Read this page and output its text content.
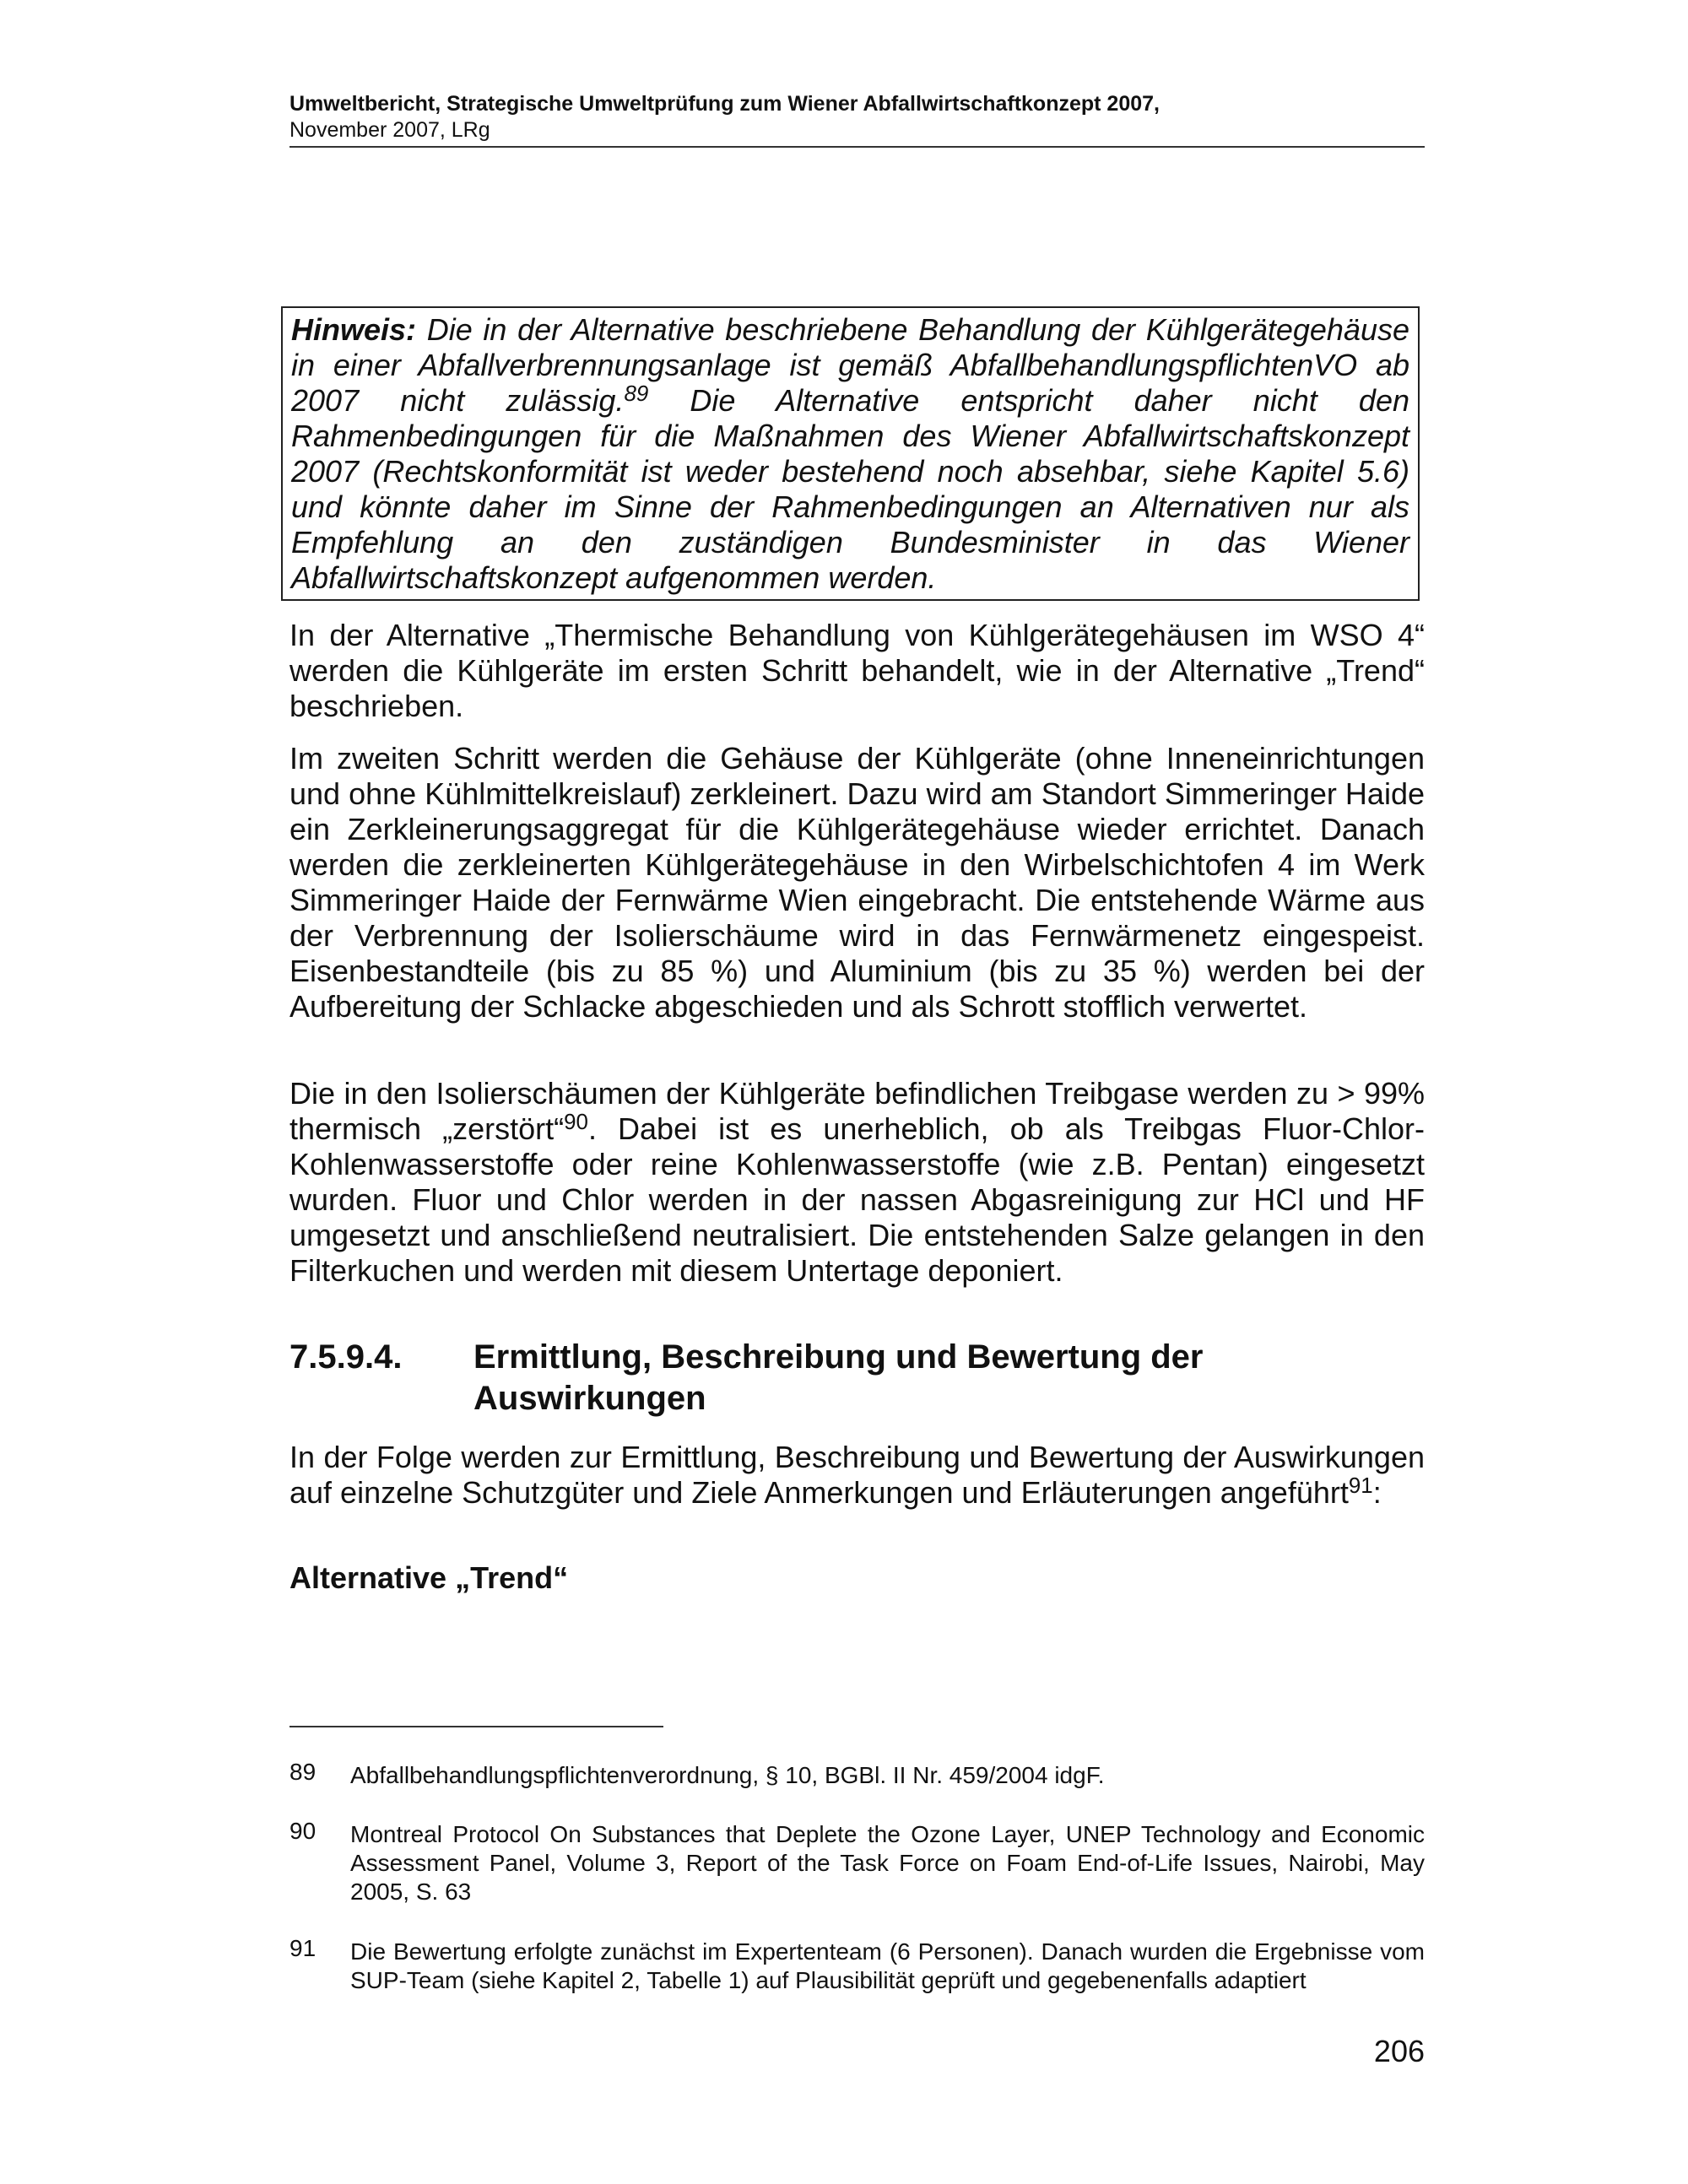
Umweltbericht, Strategische Umweltprüfung zum Wiener Abfallwirtschaftkonzept 2007,
November 2007, LRg
Hinweis: Die in der Alternative beschriebene Behandlung der Kühlgerätegehäuse in einer Abfallverbrennungsanlage ist gemäß AbfallbehandlungspflichtenVO ab 2007 nicht zulässig.$^{89}$ Die Alternative entspricht daher nicht den Rahmenbedingungen für die Maßnahmen des Wiener Abfallwirtschaftskonzept 2007 (Rechtskonformität ist weder bestehend noch absehbar, siehe Kapitel 5.6) und könnte daher im Sinne der Rahmenbedingungen an Alternativen nur als Empfehlung an den zuständigen Bundesminister in das Wiener Abfallwirtschaftskonzept aufgenommen werden.

In der Alternative „Thermische Behandlung von Kühlgerätegehäusen im WSO 4“ werden die Kühlgeräte im ersten Schritt behandelt, wie in der Alternative „Trend“ beschrieben.

Im zweiten Schritt werden die Gehäuse der Kühlgeräte (ohne Inneneinrichtungen und ohne Kühlmittelkreislauf) zerkleinert. Dazu wird am Standort Simmeringer Haide ein Zerkleinerungsaggregat für die Kühlgerätegehäuse wieder errichtet. Danach werden die zerkleinerten Kühlgerätegehäuse in den Wirbelschichtofen 4 im Werk Simmeringer Haide der Fernwärme Wien eingebracht. Die entstehende Wärme aus der Verbrennung der Isolierschäume wird in das Fernwärmenetz eingespeist. Eisenbestandteile (bis zu 85 %) und Aluminium (bis zu 35 %) werden bei der Aufbereitung der Schlacke abgeschieden und als Schrott stofflich verwertet.

Die in den Isolierschäumen der Kühlgeräte befindlichen Treibgase werden zu > 99% thermisch „zerstört“$^{90}$. Dabei ist es unerheblich, ob als Treibgas Fluor-Chlor-Kohlenwasserstoffe oder reine Kohlenwasserstoffe (wie z.B. Pentan) eingesetzt wurden. Fluor und Chlor werden in der nassen Abgasreinigung zur HCl und HF umgesetzt und anschließend neutralisiert. Die entstehenden Salze gelangen in den Filterkuchen und werden mit diesem Untertage deponiert.

7.5.9.4. Ermittlung, Beschreibung und Bewertung der Auswirkungen

In der Folge werden zur Ermittlung, Beschreibung und Bewertung der Auswirkungen auf einzelne Schutzgüter und Ziele Anmerkungen und Erläuterungen angeführt$^{91}$:

Alternative „Trend“
89 Abfallbehandlungspflichtenverordnung, § 10, BGBl. II Nr. 459/2004 idgF.
90 Montreal Protocol On Substances that Deplete the Ozone Layer, UNEP Technology and Economic Assessment Panel, Volume 3, Report of the Task Force on Foam End-of-Life Issues, Nairobi, May 2005, S. 63
91 Die Bewertung erfolgte zunächst im Expertenteam (6 Personen). Danach wurden die Ergebnisse vom SUP-Team (siehe Kapitel 2, Tabelle 1) auf Plausibilität geprüft und gegebenenfalls adaptiert
206
